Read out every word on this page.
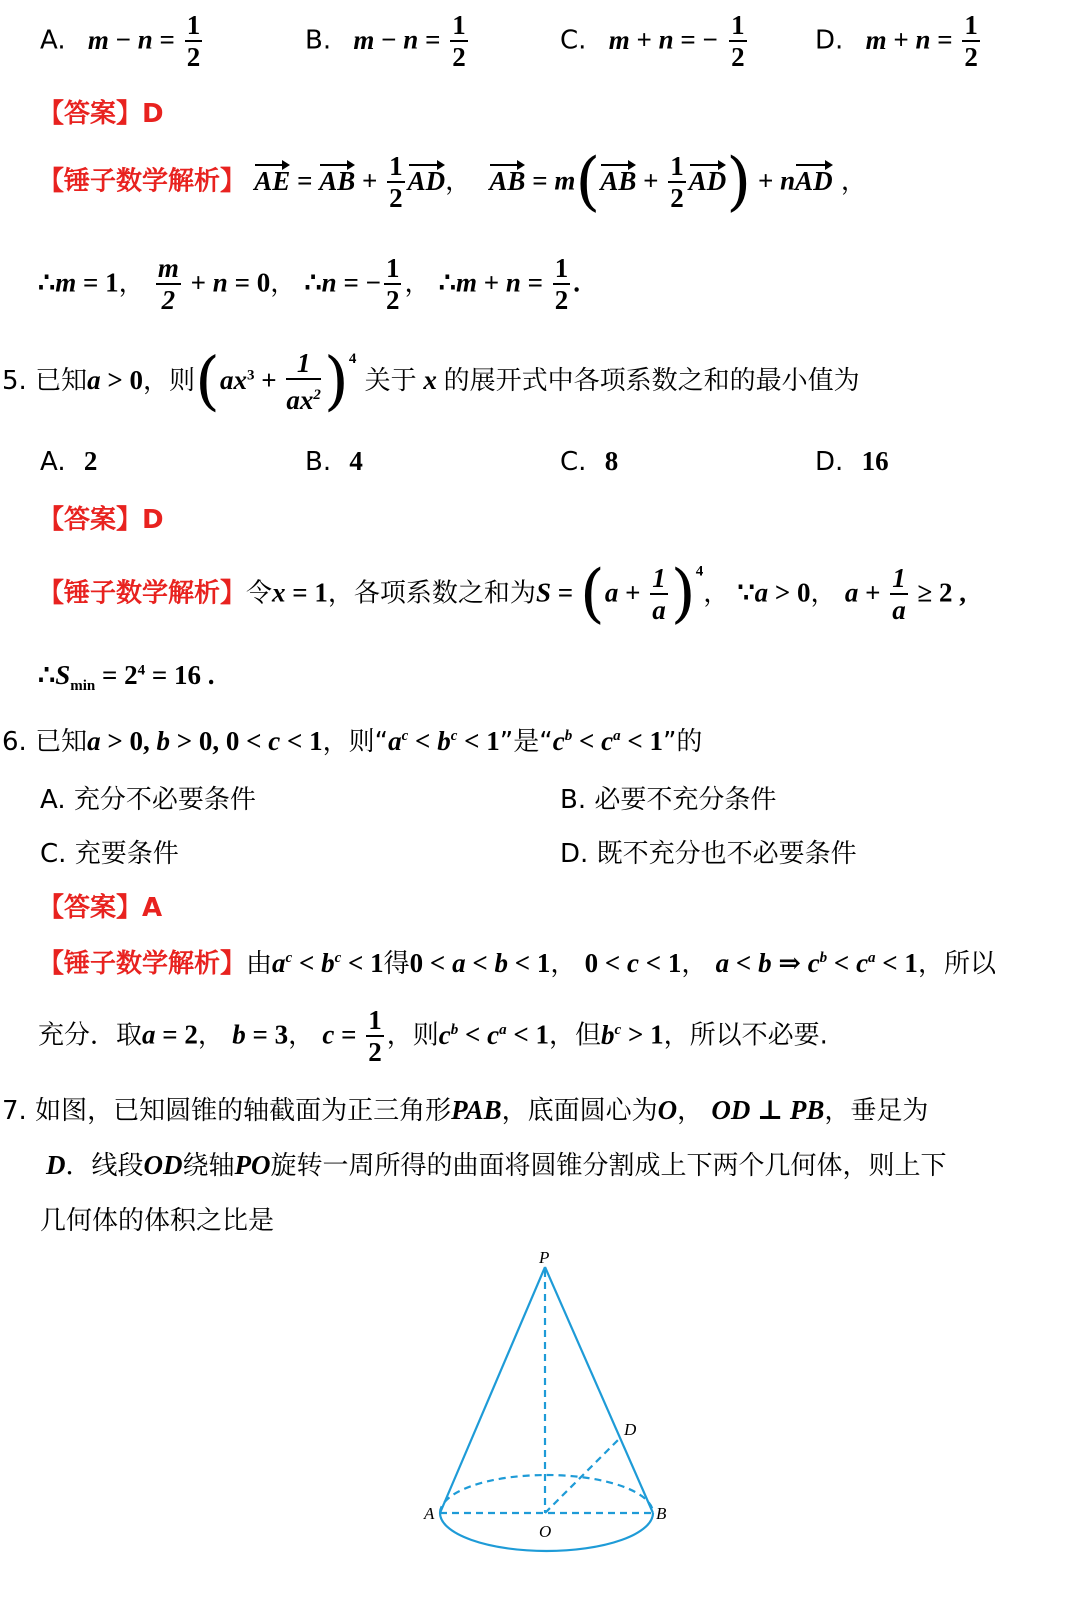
A. $m - n = \frac{1}{2}$	B. $m - n = \frac{1}{2}$	C. m + n = − $\frac{1}{2}$	D. $m + n = \frac{1}{2}$
【答案】D
【锤子数学解析】 AE = AB + $\frac{1}{2}$ AD， AB = $m(AB + \frac{1}{2} AD)$ + nAD ，
∴m = 1， $\frac{m}{2} + n = 0$， ∴n = − $\frac{1}{2}$ ， ∴m + $n = \frac{1}{2}$ .
5. 已知a > 0，则$(ax^3 + \frac{1}{ax^2} )^4$ 关于 x 的展开式中各项系数之和的最小值为
A. 2	B. 4	C. 8	D. 16
【答案】D
【锤子数学解析】令x = 1，各项系数之和为$S = (a + \frac{1}{a} )^4$， ∵a > 0， $a + \frac{1}{a} \ge 2$ ,
$\therefore S_{min} = 2^4 = 16$ .
6. 已知a > 0, b > 0, 0 < c < 1，则“$a^c < b^c < 1$”是“$c^b < c^a < 1$”的
A. 充分不必要条件	B. 必要不充分条件
C. 充要条件	D. 既不充分也不必要条件
【答案】A
【锤子数学解析】由$a^c < b^c < 1$得0 < a < b < 1， 0 < c < 1， a < b ⇒ $c^b < c^a < 1$，所以
充分．取a = 2， b = 3， $c = \frac{1}{2}$ ，则$c^b < c^a < 1$，但$b^c > 1$，所以不必要.
7. 如图，已知圆锥的轴截面为正三角形PAB，底面圆心为O， OD ⊥ PB，垂足为
D．线段OD绕轴PO旋转一周所得的曲面将圆锥分割成上下两个几何体，则上下
几何体的体积之比是
P
A	B
O
D
